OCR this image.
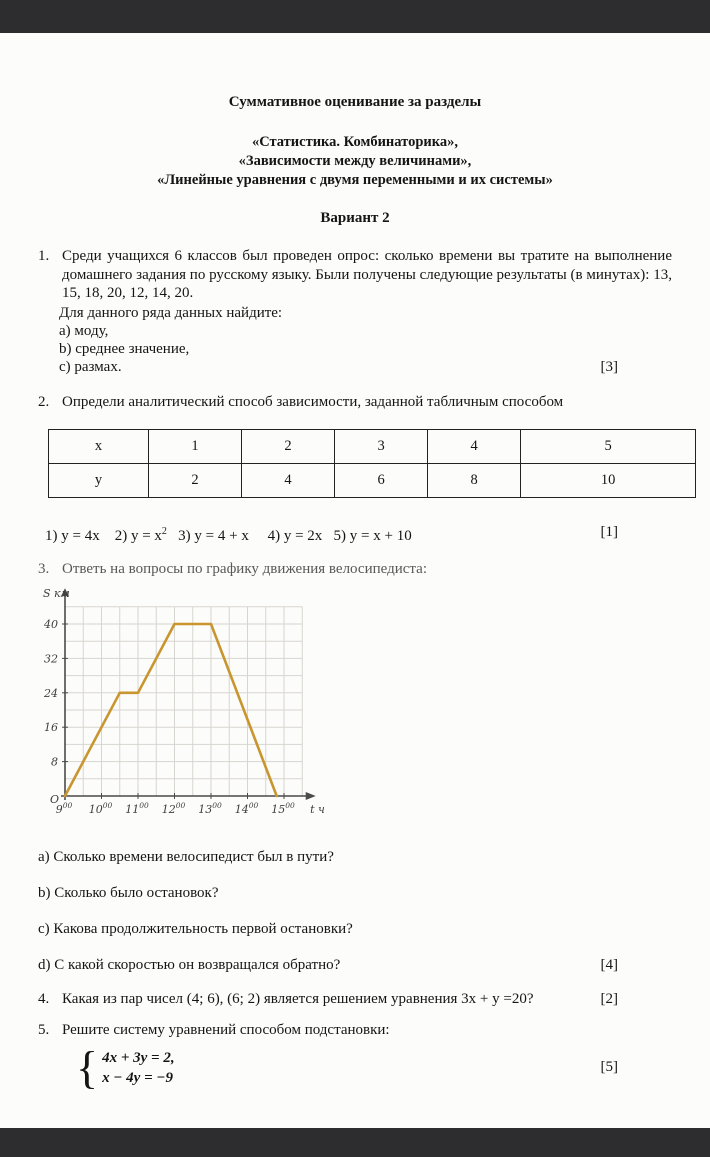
Суммативное оценивание за разделы
«Статистика. Комбинаторика»,
«Зависимости между величинами»,
«Линейные уравнения с двумя переменными и их системы»
Вариант 2
1. Среди учащихся 6 классов был проведен опрос: сколько времени вы тратите на выполнение домашнего задания по русскому языку. Были получены следующие результаты (в минутах): 13, 15, 18, 20, 12, 14, 20.
Для данного ряда данных найдите:
a) моду,
b) среднее значение,
c) размах.	[3]
2. Определи аналитический способ зависимости, заданной табличным способом
х	1	2	3	4	5
у	2	4	6	8	10
1) y = 4x    2) $y = x^2$   3) y = 4 + x     4) y = 2x   5) y = x + 10	[1]
3. Ответь на вопросы по графику движения велосипедиста:
8
16
24
32
40
O
$9^{00}$ $10^{00}$ $11^{00}$ $12^{00}$ $13^{00}$ $14^{00}$ $15^{00}$
S км
t ч
a) Сколько времени велосипедист был в пути?
b) Сколько было остановок?
c) Какова продолжительность первой остановки?
d) С какой скоростью он возвращался обратно?	[4]
4. Какая из пар чисел (4; 6), (6; 2) является решением уравнения 3х + у =20?	[2]
5. Решите систему уравнений способом подстановки:
{ 4x + 3y = 2,
x − 4y = −9
[5]
